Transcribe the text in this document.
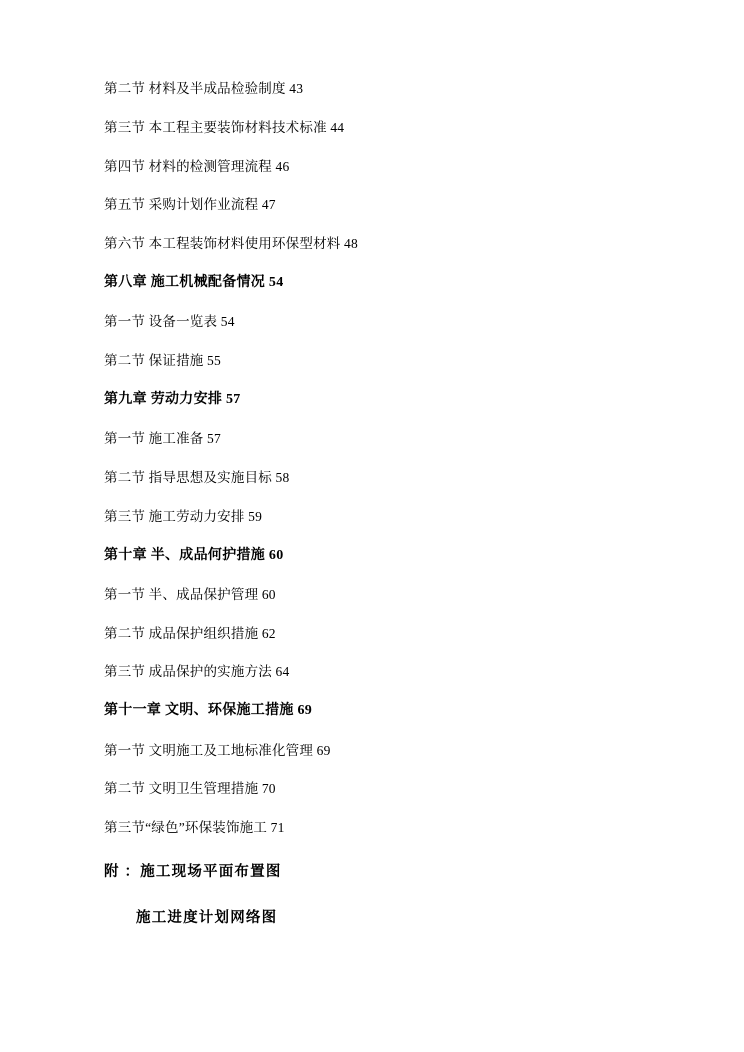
第二节 材料及半成品检验制度 43
第三节 本工程主要装饰材料技术标准 44
第四节 材料的检测管理流程 46
第五节 采购计划作业流程 47
第六节 本工程装饰材料使用环保型材料 48
第八章 施工机械配备情况 54
第一节 设备一览表 54
第二节 保证措施 55
第九章 劳动力安排 57
第一节 施工准备 57
第二节 指导思想及实施目标 58
第三节 施工劳动力安排 59
第十章 半、成品何护措施 60
第一节 半、成品保护管理 60
第二节 成品保护组织措施 62
第三节 成品保护的实施方法 64
第十一章 文明、环保施工措施 69
第一节 文明施工及工地标准化管理 69
第二节 文明卫生管理措施 70
第三节“绿色”环保装饰施工 71
附 ：施工现场平面布置图
施工进度计划网络图
